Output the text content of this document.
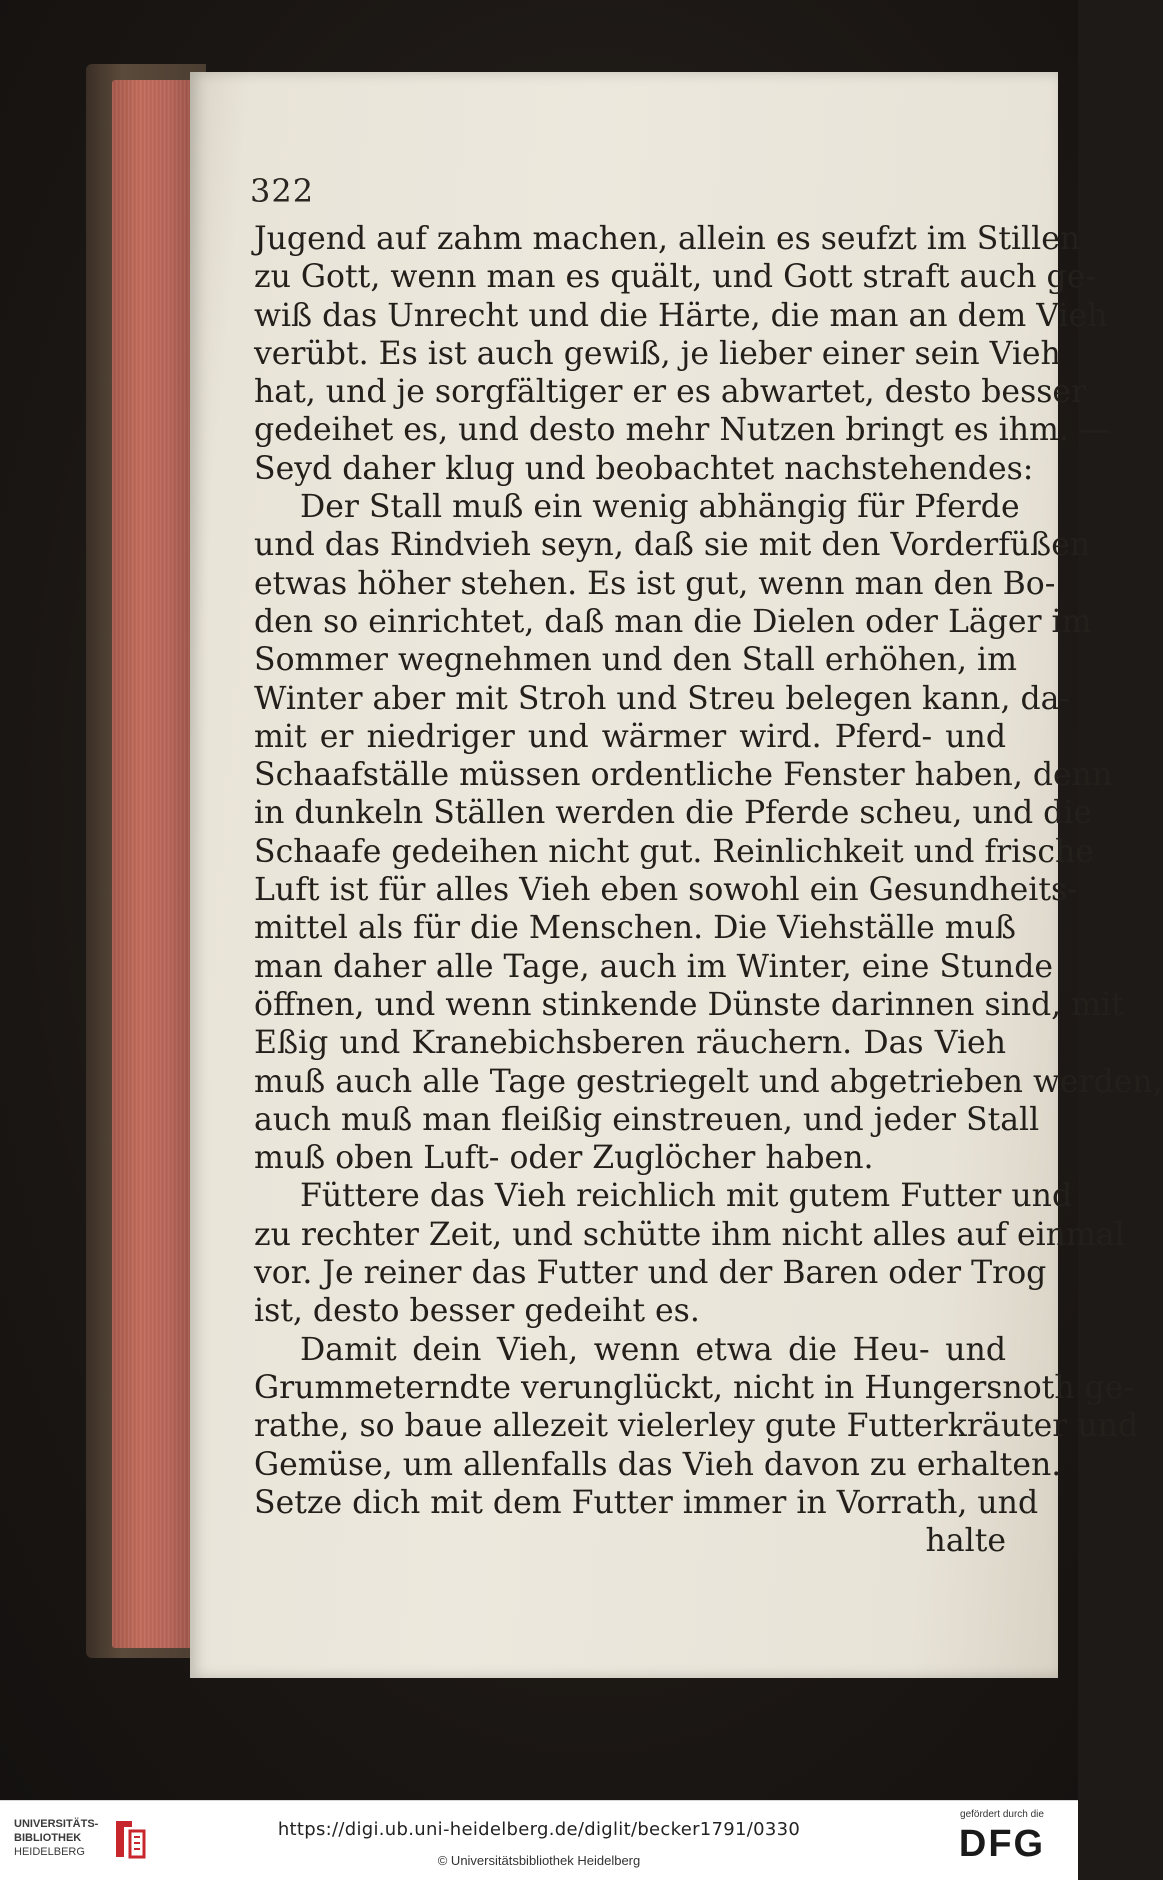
322
Jugend auf zahm machen, allein es seufzt im Stillen
zu Gott, wenn man es quält, und Gott straft auch ge-
wiß das Unrecht und die Härte, die man an dem Vieh
verübt. Es ist auch gewiß, je lieber einer sein Vieh
hat, und je sorgfältiger er es abwartet, desto besser
gedeihet es, und desto mehr Nutzen bringt es ihm. —
Seyd daher klug und beobachtet nachstehendes:
Der Stall muß ein wenig abhängig für Pferde
und das Rindvieh seyn, daß sie mit den Vorderfüßen
etwas höher stehen. Es ist gut, wenn man den Bo-
den so einrichtet, daß man die Dielen oder Läger im
Sommer wegnehmen und den Stall erhöhen, im
Winter aber mit Stroh und Streu belegen kann, da-
mit er niedriger und wärmer wird. Pferd- und
Schaafställe müssen ordentliche Fenster haben, denn
in dunkeln Ställen werden die Pferde scheu, und die
Schaafe gedeihen nicht gut. Reinlichkeit und frische
Luft ist für alles Vieh eben sowohl ein Gesundheits-
mittel als für die Menschen. Die Viehställe muß
man daher alle Tage, auch im Winter, eine Stunde
öffnen, und wenn stinkende Dünste darinnen sind, mit
Eßig und Kranebichsberen räuchern. Das Vieh
muß auch alle Tage gestriegelt und abgetrieben werden,
auch muß man fleißig einstreuen, und jeder Stall
muß oben Luft- oder Zuglöcher haben.
Füttere das Vieh reichlich mit gutem Futter und
zu rechter Zeit, und schütte ihm nicht alles auf einmal
vor. Je reiner das Futter und der Baren oder Trog
ist, desto besser gedeiht es.
Damit dein Vieh, wenn etwa die Heu- und
Grummeterndte verunglückt, nicht in Hungersnoth ge-
rathe, so baue allezeit vielerley gute Futterkräuter und
Gemüse, um allenfalls das Vieh davon zu erhalten.
Setze dich mit dem Futter immer in Vorrath, und
halte
UNIVERSITÄTS-
BIBLIOTHEK
HEIDELBERG
https://digi.ub.uni-heidelberg.de/diglit/becker1791/0330
© Universitätsbibliothek Heidelberg
gefördert durch die
DFG
